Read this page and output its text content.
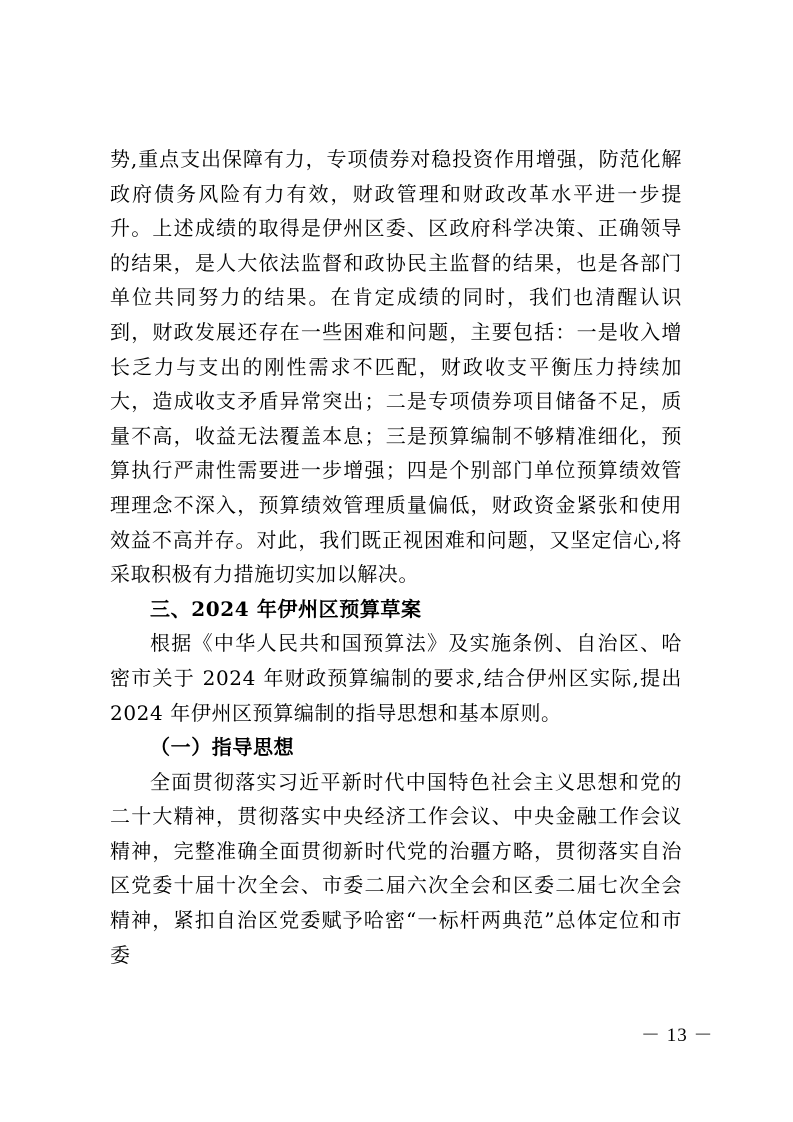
势,重点支出保障有力，专项债券对稳投资作用增强，防范化解政府债务风险有力有效，财政管理和财政改革水平进一步提升。上述成绩的取得是伊州区委、区政府科学决策、正确领导的结果，是人大依法监督和政协民主监督的结果，也是各部门单位共同努力的结果。在肯定成绩的同时，我们也清醒认识到，财政发展还存在一些困难和问题，主要包括：一是收入增长乏力与支出的刚性需求不匹配，财政收支平衡压力持续加大，造成收支矛盾异常突出；二是专项债券项目储备不足，质量不高，收益无法覆盖本息；三是预算编制不够精准细化，预算执行严肃性需要进一步增强；四是个别部门单位预算绩效管理理念不深入，预算绩效管理质量偏低，财政资金紧张和使用效益不高并存。对此，我们既正视困难和问题，又坚定信心,将采取积极有力措施切实加以解决。

三、2024 年伊州区预算草案

根据《中华人民共和国预算法》及实施条例、自治区、哈密市关于 2024 年财政预算编制的要求,结合伊州区实际,提出 2024 年伊州区预算编制的指导思想和基本原则。

（一）指导思想

全面贯彻落实习近平新时代中国特色社会主义思想和党的二十大精神，贯彻落实中央经济工作会议、中央金融工作会议精神，完整准确全面贯彻新时代党的治疆方略，贯彻落实自治区党委十届十次全会、市委二届六次全会和区委二届七次全会精神，紧扣自治区党委赋予哈密“一标杆两典范”总体定位和市委

－ 13 －
